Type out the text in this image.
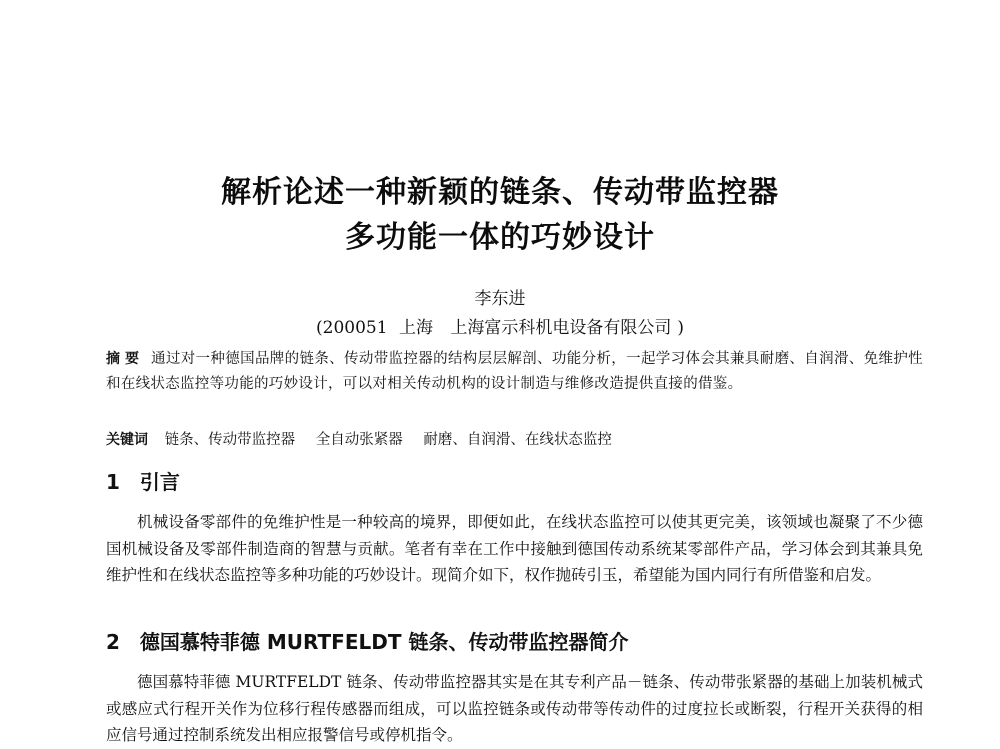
解析论述一种新颖的链条、传动带监控器
多功能一体的巧妙设计
李东进
(200051 上海 上海富示科机电设备有限公司 )
摘 要 通过对一种德国品牌的链条、传动带监控器的结构层层解剖、功能分析，一起学习体会其兼具耐磨、自润滑、免维护性和在线状态监控等功能的巧妙设计，可以对相关传动机构的设计制造与维修改造提供直接的借鉴。
关键词 链条、传动带监控器 全自动张紧器 耐磨、自润滑、在线状态监控
1 引言
机械设备零部件的免维护性是一种较高的境界，即便如此，在线状态监控可以使其更完美，该领域也凝聚了不少德国机械设备及零部件制造商的智慧与贡献。笔者有幸在工作中接触到德国传动系统某零部件产品，学习体会到其兼具免维护性和在线状态监控等多种功能的巧妙设计。现简介如下，权作抛砖引玉，希望能为国内同行有所借鉴和启发。
2 德国慕特菲德 MURTFELDT 链条、传动带监控器简介
德国慕特菲德 MURTFELDT 链条、传动带监控器其实是在其专利产品－链条、传动带张紧器的基础上加装机械式或感应式行程开关作为位移行程传感器而组成，可以监控链条或传动带等传动件的过度拉长或断裂，行程开关获得的相应信号通过控制系统发出相应报警信号或停机指令。
